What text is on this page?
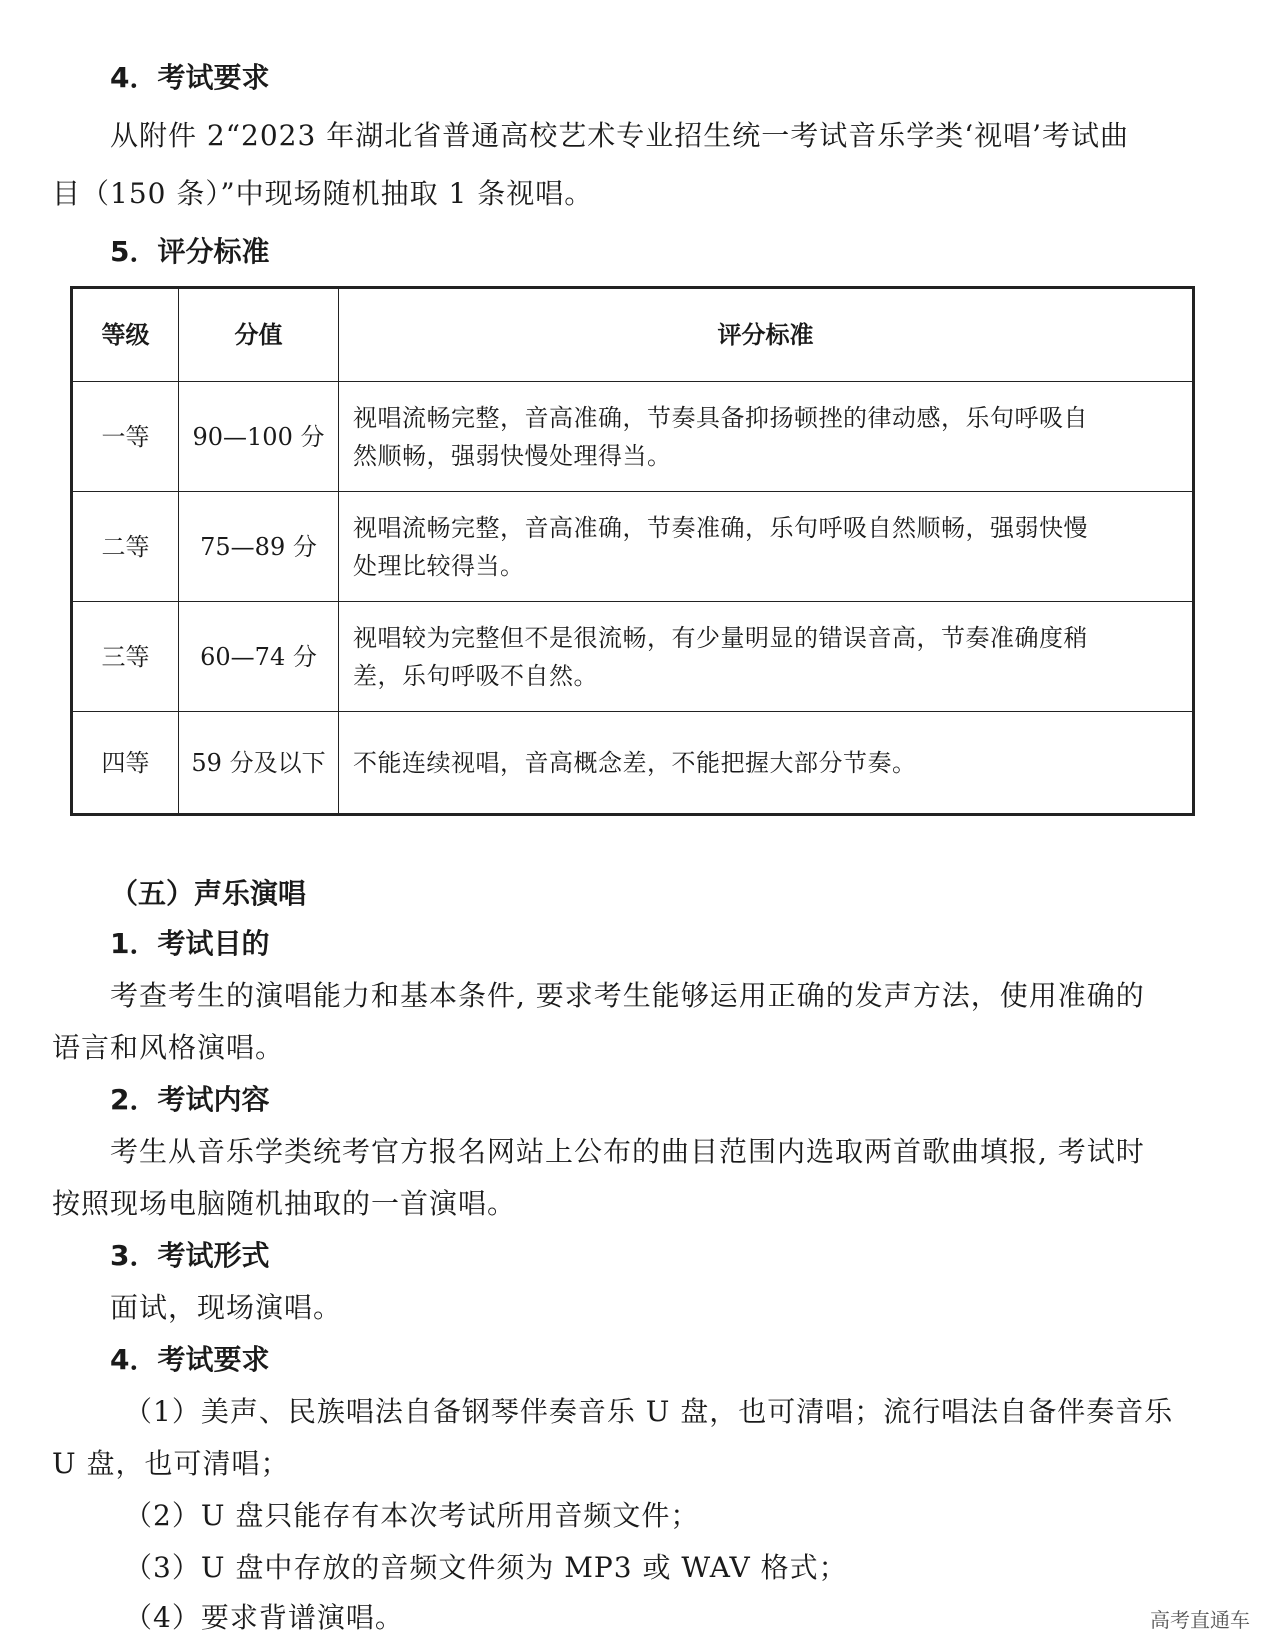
4．考试要求
从附件 2“2023 年湖北省普通高校艺术专业招生统一考试音乐学类‘视唱’考试曲
目（150 条）”中现场随机抽取 1 条视唱。
5．评分标准
等级	分值	评分标准
一等	90—100 分	视唱流畅完整，音高准确，节奏具备抑扬顿挫的律动感，乐句呼吸自
然顺畅，强弱快慢处理得当。

二等	75—89 分	视唱流畅完整，音高准确，节奏准确，乐句呼吸自然顺畅，强弱快慢
处理比较得当。

三等	60—74 分	视唱较为完整但不是很流畅，有少量明显的错误音高，节奏准确度稍
差，乐句呼吸不自然。

四等	59 分及以下	不能连续视唱，音高概念差，不能把握大部分节奏。
（五）声乐演唱
1．考试目的
考查考生的演唱能力和基本条件, 要求考生能够运用正确的发声方法，使用准确的
语言和风格演唱。
2．考试内容
考生从音乐学类统考官方报名网站上公布的曲目范围内选取两首歌曲填报, 考试时
按照现场电脑随机抽取的一首演唱。
3．考试形式
面试，现场演唱。
4．考试要求
（1）美声、民族唱法自备钢琴伴奏音乐 U 盘，也可清唱；流行唱法自备伴奏音乐
U 盘，也可清唱；
（2）U 盘只能存有本次考试所用音频文件；
（3）U 盘中存放的音频文件须为 MP3 或 WAV 格式；
（4）要求背谱演唱。	高考直通车
